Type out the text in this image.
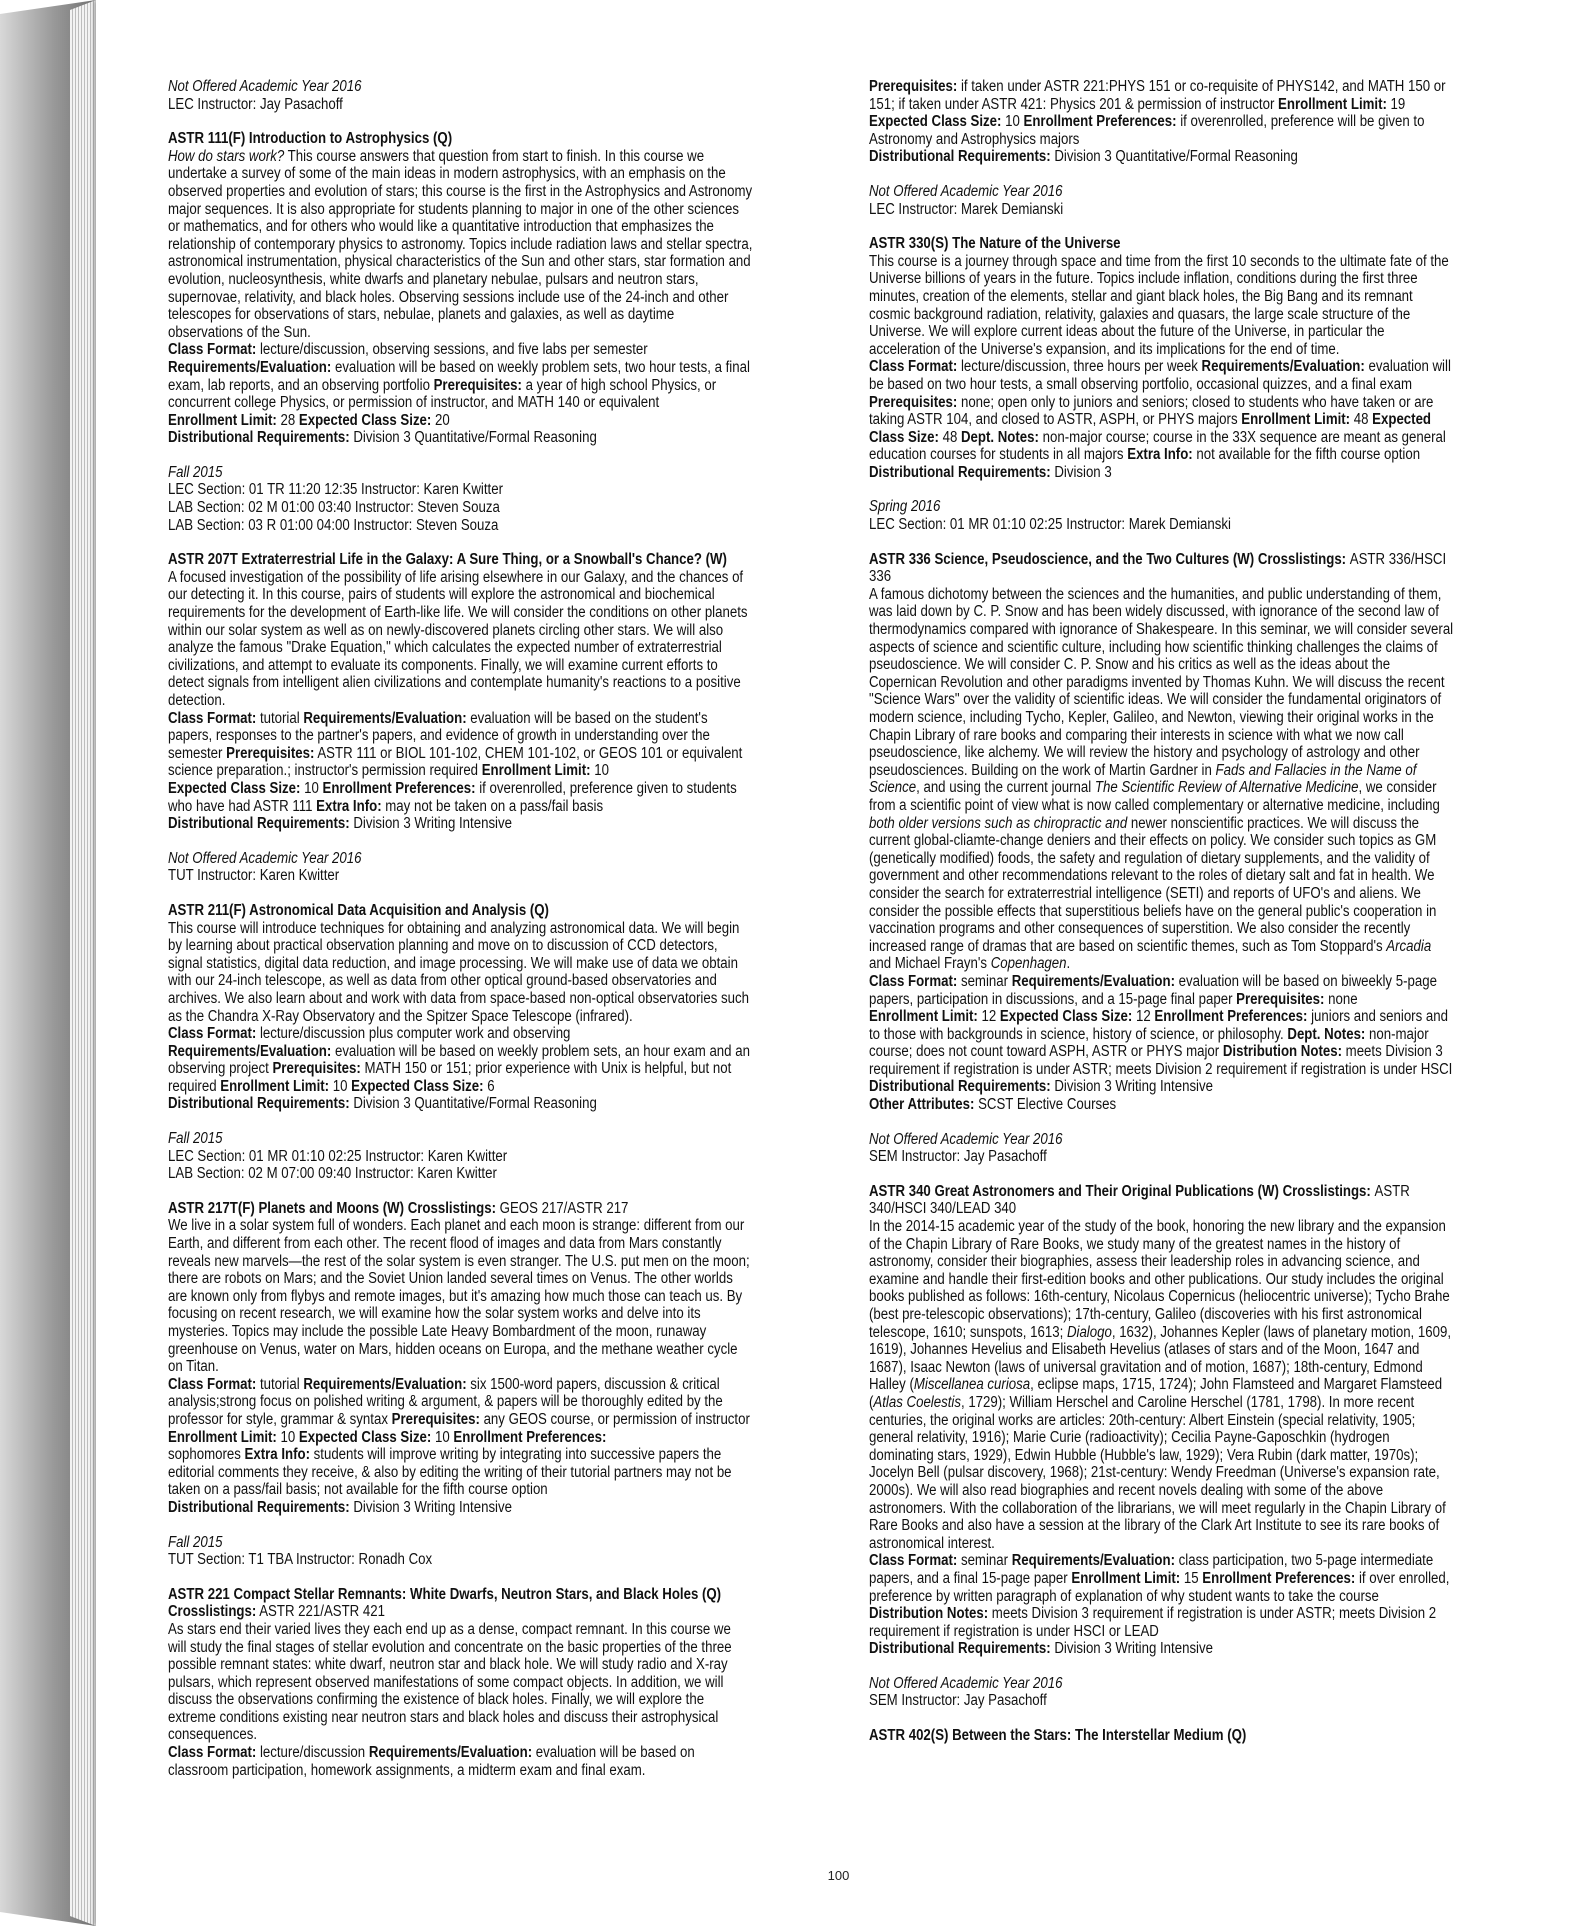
Not Offered Academic Year 2016

LEC Instructor: Jay Pasachoff

ASTR 111(F) Introduction to Astrophysics (Q)

How do stars work? This course answers that question from start to finish. In this course we undertake a survey of some of the main ideas in modern astrophysics, with an emphasis on the observed properties and evolution of stars; this course is the first in the Astrophysics and Astronomy major sequences. It is also appropriate for students planning to major in one of the other sciences or mathematics, and for others who would like a quantitative introduction that emphasizes the relationship of contemporary physics to astronomy. Topics include radiation laws and stellar spectra, astronomical instrumentation, physical characteristics of the Sun and other stars, star formation and evolution, nucleosynthesis, white dwarfs and planetary nebulae, pulsars and neutron stars, supernovae, relativity, and black holes. Observing sessions include use of the 24-inch and other telescopes for observations of stars, nebulae, planets and galaxies, as well as daytime observations of the Sun.

Class Format: lecture/discussion, observing sessions, and five labs per semester

Requirements/Evaluation: evaluation will be based on weekly problem sets, two hour tests, a final exam, lab reports, and an observing portfolio Prerequisites: a year of high school Physics, or concurrent college Physics, or permission of instructor, and MATH 140 or equivalent

Enrollment Limit: 28 Expected Class Size: 20

Distributional Requirements: Division 3 Quantitative/Formal Reasoning

Fall 2015

LEC Section: 01 TR 11:20 12:35 Instructor: Karen Kwitter

LAB Section: 02 M 01:00 03:40 Instructor: Steven Souza

LAB Section: 03 R 01:00 04:00 Instructor: Steven Souza

ASTR 207T Extraterrestrial Life in the Galaxy: A Sure Thing, or a Snowball's Chance? (W)

A focused investigation of the possibility of life arising elsewhere in our Galaxy, and the chances of our detecting it. In this course, pairs of students will explore the astronomical and biochemical requirements for the development of Earth-like life. We will consider the conditions on other planets within our solar system as well as on newly-discovered planets circling other stars. We will also analyze the famous "Drake Equation," which calculates the expected number of extraterrestrial civilizations, and attempt to evaluate its components. Finally, we will examine current efforts to detect signals from intelligent alien civilizations and contemplate humanity's reactions to a positive detection.

Class Format: tutorial Requirements/Evaluation: evaluation will be based on the student's papers, responses to the partner's papers, and evidence of growth in understanding over the semester Prerequisites: ASTR 111 or BIOL 101-102, CHEM 101-102, or GEOS 101 or equivalent science preparation.; instructor's permission required Enrollment Limit: 10
Expected Class Size: 10 Enrollment Preferences: if overenrolled, preference given to students who have had ASTR 111 Extra Info: may not be taken on a pass/fail basis

Distributional Requirements: Division 3 Writing Intensive

Not Offered Academic Year 2016

TUT Instructor: Karen Kwitter

ASTR 211(F) Astronomical Data Acquisition and Analysis (Q)

This course will introduce techniques for obtaining and analyzing astronomical data. We will begin by learning about practical observation planning and move on to discussion of CCD detectors, signal statistics, digital data reduction, and image processing. We will make use of data we obtain with our 24-inch telescope, as well as data from other optical ground-based observatories and archives. We also learn about and work with data from space-based non-optical observatories such as the Chandra X-Ray Observatory and the Spitzer Space Telescope (infrared).

Class Format: lecture/discussion plus computer work and observing

Requirements/Evaluation: evaluation will be based on weekly problem sets, an hour exam and an observing project Prerequisites: MATH 150 or 151; prior experience with Unix is helpful, but not required Enrollment Limit: 10 Expected Class Size: 6

Distributional Requirements: Division 3 Quantitative/Formal Reasoning

Fall 2015

LEC Section: 01 MR 01:10 02:25 Instructor: Karen Kwitter

LAB Section: 02 M 07:00 09:40 Instructor: Karen Kwitter

ASTR 217T(F) Planets and Moons (W) Crosslistings: GEOS 217/ASTR 217

We live in a solar system full of wonders. Each planet and each moon is strange: different from our Earth, and different from each other. The recent flood of images and data from Mars constantly reveals new marvels—the rest of the solar system is even stranger. The U.S. put men on the moon; there are robots on Mars; and the Soviet Union landed several times on Venus. The other worlds are known only from flybys and remote images, but it's amazing how much those can teach us. By focusing on recent research, we will examine how the solar system works and delve into its mysteries. Topics may include the possible Late Heavy Bombardment of the moon, runaway greenhouse on Venus, water on Mars, hidden oceans on Europa, and the methane weather cycle on Titan.

Class Format: tutorial Requirements/Evaluation: six 1500-word papers, discussion & critical analysis;strong focus on polished writing & argument, & papers will be thoroughly edited by the professor for style, grammar & syntax Prerequisites: any GEOS course, or permission of instructor Enrollment Limit: 10 Expected Class Size: 10 Enrollment Preferences:
sophomores Extra Info: students will improve writing by integrating into successive papers the editorial comments they receive, & also by editing the writing of their tutorial partners may not be taken on a pass/fail basis; not available for the fifth course option

Distributional Requirements: Division 3 Writing Intensive

Fall 2015

TUT Section: T1 TBA Instructor: Ronadh Cox

ASTR 221 Compact Stellar Remnants: White Dwarfs, Neutron Stars, and Black Holes (Q)

Crosslistings: ASTR 221/ASTR 421

As stars end their varied lives they each end up as a dense, compact remnant. In this course we will study the final stages of stellar evolution and concentrate on the basic properties of the three possible remnant states: white dwarf, neutron star and black hole. We will study radio and X-ray pulsars, which represent observed manifestations of some compact objects. In addition, we will discuss the observations confirming the existence of black holes. Finally, we will explore the extreme conditions existing near neutron stars and black holes and discuss their astrophysical consequences.

Class Format: lecture/discussion Requirements/Evaluation: evaluation will be based on classroom participation, homework assignments, a midterm exam and final exam.

Prerequisites: if taken under ASTR 221:PHYS 151 or co-requisite of PHYS142, and MATH 150 or 151; if taken under ASTR 421: Physics 201 & permission of instructor Enrollment Limit: 19 Expected Class Size: 10 Enrollment Preferences: if overenrolled, preference will be given to Astronomy and Astrophysics majors

Distributional Requirements: Division 3 Quantitative/Formal Reasoning

Not Offered Academic Year 2016

LEC Instructor: Marek Demianski

ASTR 330(S) The Nature of the Universe

This course is a journey through space and time from the first 10 seconds to the ultimate fate of the Universe billions of years in the future. Topics include inflation, conditions during the first three minutes, creation of the elements, stellar and giant black holes, the Big Bang and its remnant cosmic background radiation, relativity, galaxies and quasars, the large scale structure of the Universe. We will explore current ideas about the future of the Universe, in particular the acceleration of the Universe's expansion, and its implications for the end of time.

Class Format: lecture/discussion, three hours per week Requirements/Evaluation: evaluation will be based on two hour tests, a small observing portfolio, occasional quizzes, and a final exam Prerequisites: none; open only to juniors and seniors; closed to students who have taken or are taking ASTR 104, and closed to ASTR, ASPH, or PHYS majors Enrollment Limit: 48 Expected Class Size: 48 Dept. Notes: non-major course; course in the 33X sequence are meant as general education courses for students in all majors Extra Info: not available for the fifth course option

Distributional Requirements: Division 3

Spring 2016

LEC Section: 01 MR 01:10 02:25 Instructor: Marek Demianski

ASTR 336 Science, Pseudoscience, and the Two Cultures (W) Crosslistings: ASTR 336/HSCI 336

A famous dichotomy between the sciences and the humanities, and public understanding of them, was laid down by C. P. Snow and has been widely discussed, with ignorance of the second law of thermodynamics compared with ignorance of Shakespeare. In this seminar, we will consider several aspects of science and scientific culture, including how scientific thinking challenges the claims of pseudoscience. We will consider C. P. Snow and his critics as well as the ideas about the Copernican Revolution and other paradigms invented by Thomas Kuhn. We will discuss the recent "Science Wars" over the validity of scientific ideas. We will consider the fundamental originators of modern science, including Tycho, Kepler, Galileo, and Newton, viewing their original works in the Chapin Library of rare books and comparing their interests in science with what we now call pseudoscience, like alchemy. We will review the history and psychology of astrology and other pseudosciences. Building on the work of Martin Gardner in Fads and Fallacies in the Name of Science, and using the current journal The Scientific Review of Alternative Medicine, we consider from a scientific point of view what is now called complementary or alternative medicine, including both older versions such as chiropractic and newer nonscientific practices. We will discuss the current global-cliamte-change deniers and their effects on policy. We consider such topics as GM (genetically modified) foods, the safety and regulation of dietary supplements, and the validity of government and other recommendations relevant to the roles of dietary salt and fat in health. We consider the search for extraterrestrial intelligence (SETI) and reports of UFO's and aliens. We consider the possible effects that superstitious beliefs have on the general public's cooperation in vaccination programs and other consequences of superstition. We also consider the recently increased range of dramas that are based on scientific themes, such as Tom Stoppard's Arcadia and Michael Frayn's Copenhagen.

Class Format: seminar Requirements/Evaluation: evaluation will be based on biweekly 5-page papers, participation in discussions, and a 15-page final paper Prerequisites: none
Enrollment Limit: 12 Expected Class Size: 12 Enrollment Preferences: juniors and seniors and to those with backgrounds in science, history of science, or philosophy. Dept. Notes: non-major course; does not count toward ASPH, ASTR or PHYS major Distribution Notes: meets Division 3 requirement if registration is under ASTR; meets Division 2 requirement if registration is under HSCI

Distributional Requirements: Division 3 Writing Intensive

Other Attributes: SCST Elective Courses

Not Offered Academic Year 2016

SEM Instructor: Jay Pasachoff

ASTR 340 Great Astronomers and Their Original Publications (W) Crosslistings: ASTR 340/HSCI 340/LEAD 340

In the 2014-15 academic year of the study of the book, honoring the new library and the expansion of the Chapin Library of Rare Books, we study many of the greatest names in the history of astronomy, consider their biographies, assess their leadership roles in advancing science, and examine and handle their first-edition books and other publications. Our study includes the original books published as follows: 16th-century, Nicolaus Copernicus (heliocentric universe); Tycho Brahe (best pre-telescopic observations); 17th-century, Galileo (discoveries with his first astronomical telescope, 1610; sunspots, 1613; Dialogo, 1632), Johannes Kepler (laws of planetary motion, 1609, 1619), Johannes Hevelius and Elisabeth Hevelius (atlases of stars and of the Moon, 1647 and 1687), Isaac Newton (laws of universal gravitation and of motion, 1687); 18th-century, Edmond Halley (Miscellanea curiosa, eclipse maps, 1715, 1724); John Flamsteed and Margaret Flamsteed (Atlas Coelestis, 1729); William Herschel and Caroline Herschel (1781, 1798). In more recent centuries, the original works are articles: 20th-century: Albert Einstein (special relativity, 1905; general relativity, 1916); Marie Curie (radioactivity); Cecilia Payne-Gaposchkin (hydrogen dominating stars, 1929), Edwin Hubble (Hubble's law, 1929); Vera Rubin (dark matter, 1970s); Jocelyn Bell (pulsar discovery, 1968); 21st-century: Wendy Freedman (Universe's expansion rate, 2000s). We will also read biographies and recent novels dealing with some of the above astronomers. With the collaboration of the librarians, we will meet regularly in the Chapin Library of Rare Books and also have a session at the library of the Clark Art Institute to see its rare books of astronomical interest.

Class Format: seminar Requirements/Evaluation: class participation, two 5-page intermediate papers, and a final 15-page paper Enrollment Limit: 15 Enrollment Preferences: if over enrolled, preference by written paragraph of explanation of why student wants to take the course Distribution Notes: meets Division 3 requirement if registration is under ASTR; meets Division 2 requirement if registration is under HSCI or LEAD

Distributional Requirements: Division 3 Writing Intensive

Not Offered Academic Year 2016

SEM Instructor: Jay Pasachoff

ASTR 402(S) Between the Stars: The Interstellar Medium (Q)

100
